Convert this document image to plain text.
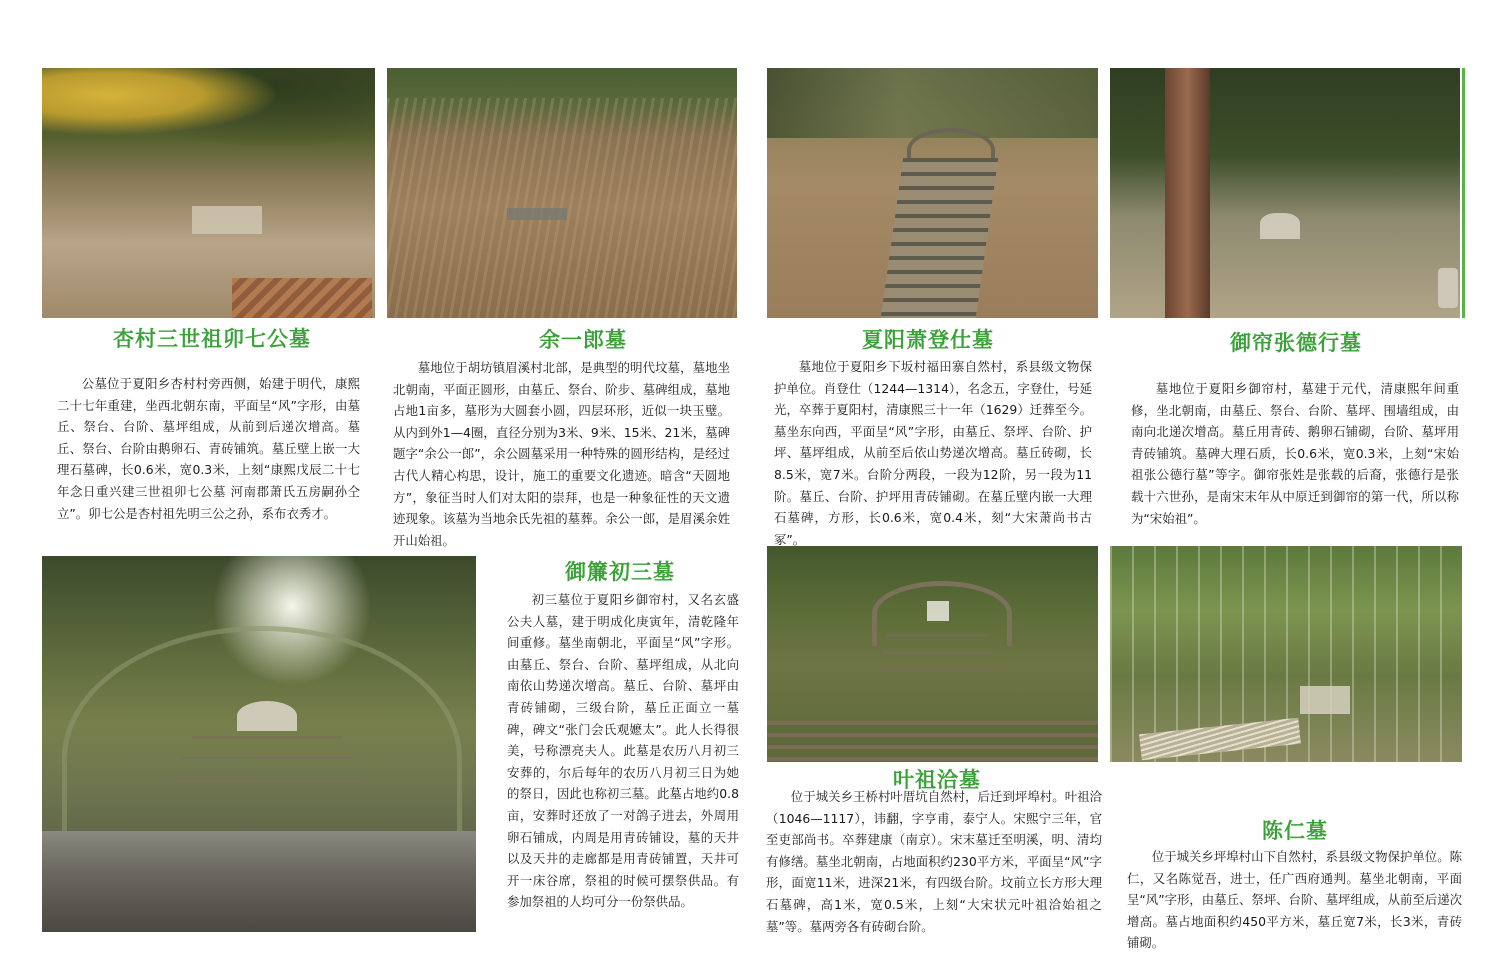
杏村三世祖卯七公墓	余一郎墓	夏阳萧登仕墓	御帘张德行墓
御簾初三墓
叶祖洽墓
陈仁墓

公墓位于夏阳乡杏村村旁西侧，始建于明代，康熙二十七年重建，坐西北朝东南，平面呈“风”字形，由墓丘、祭台、台阶、墓坪组成，从前到后递次增高。墓丘、祭台、台阶由鹅卵石、青砖铺筑。墓丘壁上嵌一大理石墓碑，长0.6米，宽0.3米，上刻“康熙戊辰二十七年念日重兴建三世祖卯七公墓 河南郡萧氏五房嗣孙仝立”。卯七公是杏村祖先明三公之孙，系布衣秀才。

墓地位于胡坊镇眉溪村北部，是典型的明代坟墓，墓地坐北朝南，平面正圆形，由墓丘、祭台、阶步、墓碑组成，墓地占地1亩多，墓形为大圆套小圆，四层环形，近似一块玉璧。从内到外1—4圈，直径分别为3米、9米、15米、21米，墓碑题字“余公一郎”，余公圆墓采用一种特殊的圆形结构，是经过古代人精心构思，设计，施工的重要文化遗迹。暗含“天圆地方”，象征当时人们对太阳的崇拜，也是一种象征性的天文遗迹现象。该墓为当地余氏先祖的墓葬。余公一郎，是眉溪余姓开山始祖。

墓地位于夏阳乡下坂村福田寨自然村，系县级文物保护单位。肖登仕（1244—1314），名念五，字登仕，号延光，卒葬于夏阳村，清康熙三十一年（1629）迁葬至今。墓坐东向西，平面呈“风”字形，由墓丘、祭坪、台阶、护坪、墓坪组成，从前至后依山势递次增高。墓丘砖砌，长8.5米，宽7米。台阶分两段，一段为12阶，另一段为11阶。墓丘、台阶、护坪用青砖铺砌。在墓丘壁内嵌一大理石墓碑，方形，长0.6米，宽0.4米，刻“大宋萧尚书古冢”。

墓地位于夏阳乡御帘村，墓建于元代，清康熙年间重修，坐北朝南，由墓丘、祭台、台阶、墓坪、围墙组成，由南向北递次增高。墓丘用青砖、鹅卵石铺砌，台阶、墓坪用青砖铺筑。墓碑大理石质，长0.6米，宽0.3米，上刻“宋始祖张公德行墓”等字。御帘张姓是张载的后裔，张德行是张载十六世孙，是南宋末年从中原迁到御帘的第一代，所以称为“宋始祖”。

初三墓位于夏阳乡御帘村，又名玄盛公夫人墓，建于明成化庚寅年，清乾隆年间重修。墓坐南朝北，平面呈“风”字形。由墓丘、祭台、台阶、墓坪组成，从北向南依山势递次增高。墓丘、台阶、墓坪由青砖铺砌，三级台阶，墓丘正面立一墓碑，碑文“张门会氏观嬷太”。此人长得很美，号称漂亮夫人。此墓是农历八月初三安葬的，尔后每年的农历八月初三日为她的祭日，因此也称初三墓。此墓占地约0.8亩，安葬时还放了一对鸽子进去，外周用卵石铺成，内周是用青砖铺设，墓的天井以及天井的走廊都是用青砖铺置，天井可开一床谷席，祭祖的时候可摆祭供品。有参加祭祖的人均可分一份祭供品。

位于城关乡王桥村叶厝坑自然村，后迁到坪埠村。叶祖洽（1046—1117），讳翻，字亨甫，泰宁人。宋熙宁三年，官至吏部尚书。卒葬建康（南京）。宋末墓迁至明溪，明、清均有修缮。墓坐北朝南，占地面积约230平方米，平面呈“风”字形，面宽11米，进深21米，有四级台阶。坟前立长方形大理石墓碑，高1米，宽0.5米，上刻“大宋状元叶祖洽始祖之墓”等。墓两旁各有砖砌台阶。

位于城关乡坪埠村山下自然村，系县级文物保护单位。陈仁，又名陈觉吾，进士，任广西府通判。墓坐北朝南，平面呈“风”字形，由墓丘、祭坪、台阶、墓坪组成，从前至后递次增高。墓占地面积约450平方米，墓丘宽7米，长3米，青砖铺砌。
